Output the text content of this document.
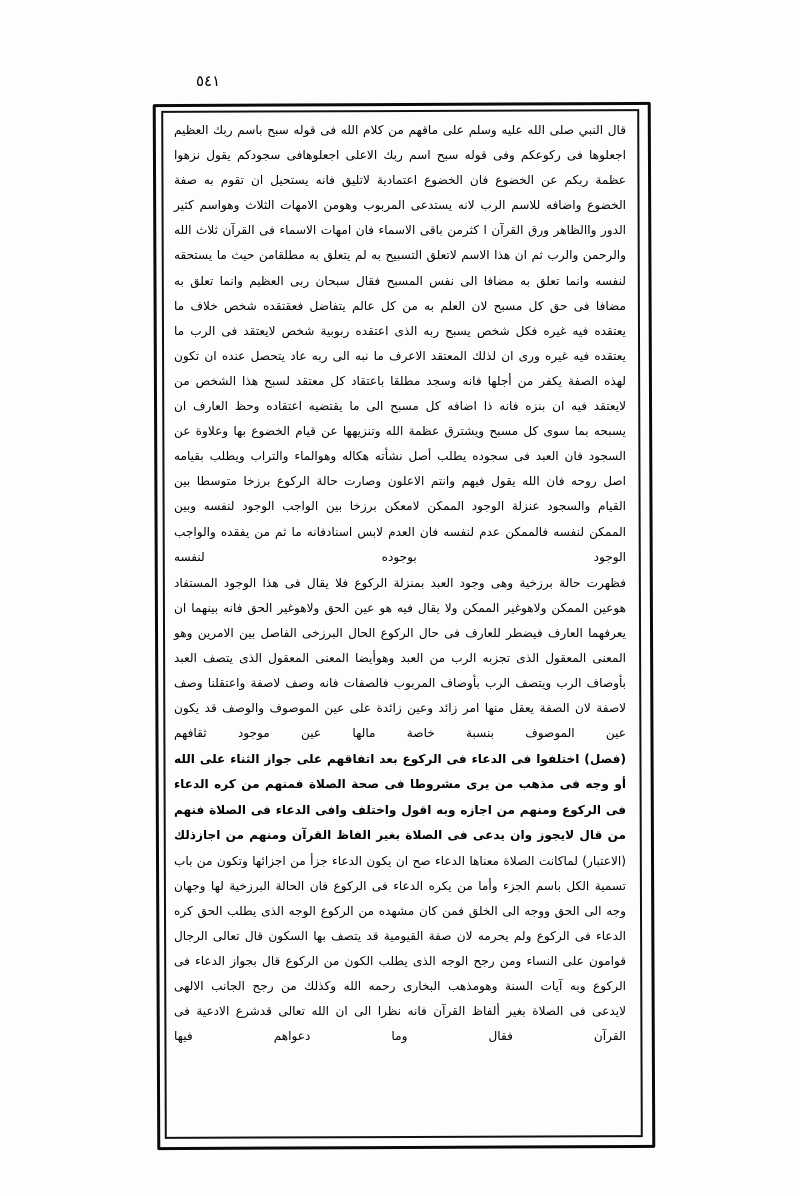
٥٤١

قال النبي صلى الله عليه وسلم على ماقهم من كلام الله فى قوله سبح باسم ربك العظيم اجعلوها فى ركوعكم وفى قوله سبح اسم ربك الاعلى اجعلوهافى سجودكم يقول نزهوا عظمة ربكم عن الخضوع فان الخضوع اعتمادية لاتليق فانه يستحيل ان تقوم به صفة الخضوع واضافه للاسم الرب لانه يستدعى المربوب وهومن الامهات الثلاث وهواسم كثير الدور واالظاهر ورق القرآن ا كثرمن باقى الاسماء فان امهات الاسماء فى القرآن ثلاث الله والرحمن والرب ثم ان هذا الاسم لاتعلق التسبيح به لم يتعلق به مطلقامن حيث ما يستحقه لنفسه وانما تعلق به مضافا الى نفس المسبح فقال سبحان ربى العظيم وانما تعلق به مضافا فى حق كل مسبح لان العلم به من كل عالم يتفاضل فعقتقده شخص خلاف ما يعتقده فيه غيره فكل شخص يسبح ربه الذى اعتقده ربوبية شخص لايعتقد فى الرب ما يعتقده فيه غيره ورى ان لذلك المعتقد الاعرف ما نبه الى ربه عاد يتحصل عنده ان تكون لهذه الصفة يكفر من أجلها فانه وسجد مطلقا باعتقاد كل معتقد لسبح هذا الشخص من لايعتقد فيه ان بنزه فانه ذا اضافه كل مسبح الى ما يقتضيه اعتقاده وحظ العارف ان يسبحه بما سوى كل مسبح ويشترق عظمة الله وتنزيهها عن قيام الخضوع بها وعلاوة عن السجود فان العبد فى سجوده يطلب أصل نشأته هكاله وهوالماء والتراب ويطلب بقيامه اصل روحه فان الله يقول فيهم وانتم الاعلون وصارت حالة الركوع برزخا متوسطا بين القيام والسجود عنزلة الوجود الممكن لامعكن برزخا بين الواجب الوجود لنفسه وبين الممكن لنفسه فالممكن عدم لنفسه فان العدم لابس اسنادفانه ما ثم من يفقده والواجب الوجود بوجوده لنفسه

فظهرت حالة برزخية وهى وجود العبد بمنزلة الركوع فلا يقال فى هذا الوجود المستفاد هوعين الممكن ولاهوغير الممكن ولا يقال فيه هو عين الحق ولاهوغير الحق فانه بينهما ان يعرفهما العارف فيضطر للعارف فى حال الركوع الحال البرزخى الفاصل بين الامرين وهو المعنى المعقول الذى تجزبه الرب من العبد وهوأيضا المعنى المعقول الذى يتصف العبد بأوصاف الرب ويتصف الرب بأوصاف المربوب فالصفات فانه وصف لاصفة واعتقلنا وصف لاصفة لان الصفة يعقل منها امر زائد وعين زائدة على عين الموصوف والوصف قد يكون عين الموصوف بنسبة خاصة مالها عين موجود ثقافهم

(فصل) اختلفوا فى الدعاء فى الركوع بعد اتفاقهم على جواز الثناء على الله أو وجه فى مذهب من يرى مشروطا فى صحة الصلاة فمنهم من كره الدعاء فى الركوع ومنهم من اجازه وبه اقول واختلف وافى الدعاء فى الصلاة فنهم من قال لايجوز وان يدعى فى الصلاة بغير الفاظ القرآن ومنهم من اجازذلك

(الاعتبار) لماكانت الصلاة معناها الدعاء صح ان يكون الدعاء جزأ من اجزائها وتكون من باب تسمية الكل باسم الجزء وأما من يكره الدعاء فى الركوع فان الحالة البرزخية لها وجهان وجه الى الحق ووجه الى الخلق فمن كان مشهده من الركوع الوجه الذى يطلب الحق كره الدعاء فى الركوع ولم يحرمه لان صفة القيومية قد يتصف بها السكون قال تعالى الرجال قوامون على النساء ومن رجح الوجه الذى يطلب الكون من الركوع قال بجواز الدعاء فى الركوع وبه آيات السنة وهومذهب البخارى رحمه الله وكذلك من رجح الجانب الالهى لايدعى فى الصلاة بغير ألفاظ القرآن فانه نظرا الى ان الله تعالى قدشرع الادعية فى القرآن فقال وما دعواهم فيها
